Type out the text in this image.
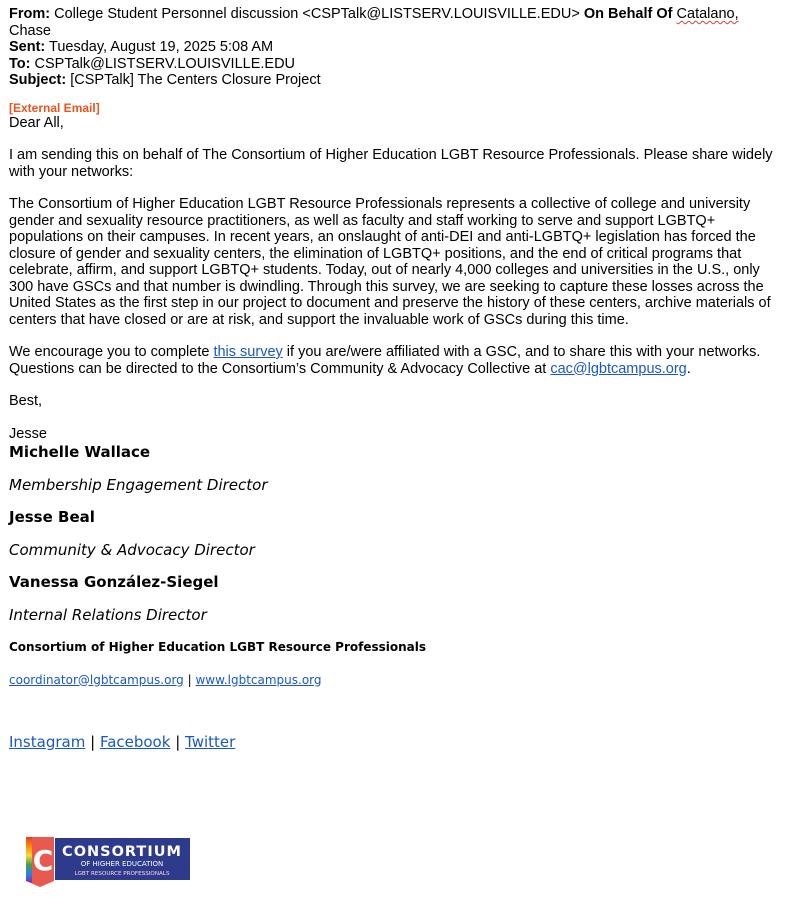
From: College Student Personnel discussion <CSPTalk@LISTSERV.LOUISVILLE.EDU> On Behalf Of Catalano,
Chase

Sent: Tuesday, August 19, 2025 5:08 AM

To: CSPTalk@LISTSERV.LOUISVILLE.EDU

Subject: [CSPTalk] The Centers Closure Project

[External Email]

Dear All,

I am sending this on behalf of The Consortium of Higher Education LGBT Resource Professionals. Please share widely with your networks:

The Consortium of Higher Education LGBT Resource Professionals represents a collective of college and university gender and sexuality resource practitioners, as well as faculty and staff working to serve and support LGBTQ+ populations on their campuses. In recent years, an onslaught of anti-DEI and anti-LGBTQ+ legislation has forced the closure of gender and sexuality centers, the elimination of LGBTQ+ positions, and the end of critical programs that celebrate, affirm, and support LGBTQ+ students. Today, out of nearly 4,000 colleges and universities in the U.S., only 300 have GSCs and that number is dwindling. Through this survey, we are seeking to capture these losses across the United States as the first step in our project to document and preserve the history of these centers, archive materials of centers that have closed or are at risk, and support the invaluable work of GSCs during this time.

We encourage you to complete this survey if you are/were affiliated with a GSC, and to share this with your networks. Questions can be directed to the Consortium’s Community & Advocacy Collective at cac@lgbtcampus.org.

Best,

Jesse

Michelle Wallace
Membership Engagement Director
Jesse Beal
Community & Advocacy Director
Vanessa González-Siegel
Internal Relations Director
Consortium of Higher Education LGBT Resource Professionals
coordinator@lgbtcampus.org | www.lgbtcampus.org
Instagram | Facebook | Twitter
C CONSORTIUM
OF HIGHER EDUCATION
LGBT RESOURCE PROFESSIONALS
